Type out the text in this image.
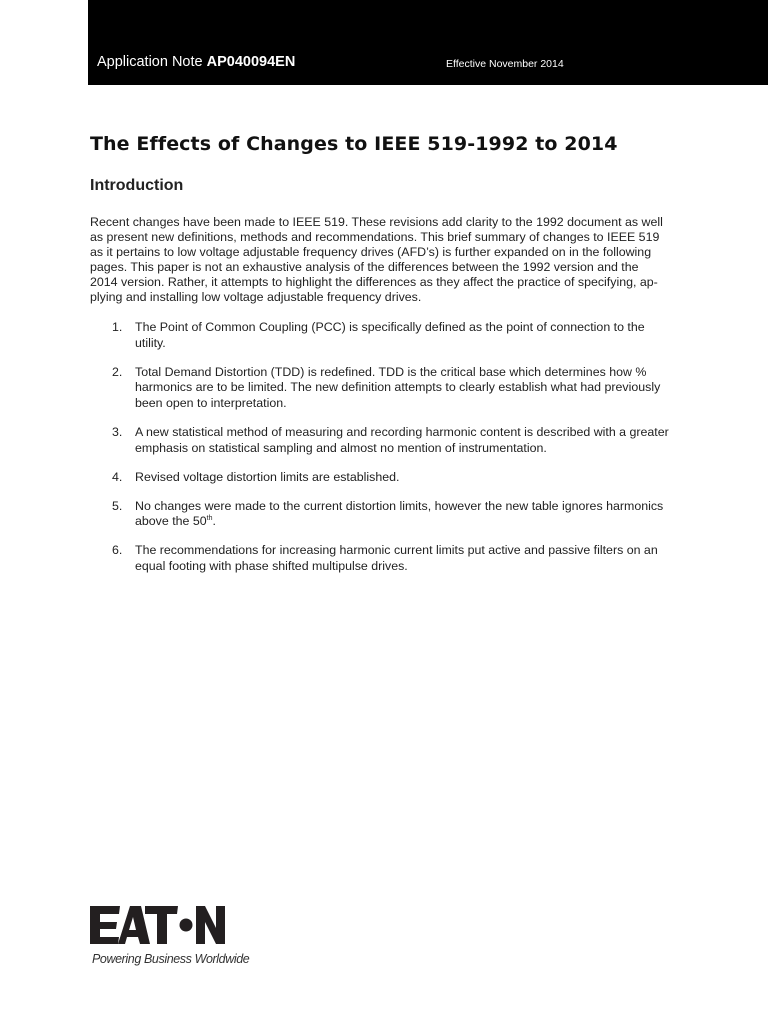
Application Note AP040094EN	Effective November 2014
The Effects of Changes to IEEE 519-1992 to 2014
Introduction

Recent changes have been made to IEEE 519. These revisions add clarity to the 1992 document as well
as present new definitions, methods and recommendations. This brief summary of changes to IEEE 519
as it pertains to low voltage adjustable frequency drives (AFD’s) is further expanded on in the following
pages. This paper is not an exhaustive analysis of the differences between the 1992 version and the
2014 version. Rather, it attempts to highlight the differences as they affect the practice of specifying, ap-
plying and installing low voltage adjustable frequency drives.

1. The Point of Common Coupling (PCC) is specifically defined as the point of connection to the
utility.
2. Total Demand Distortion (TDD) is redefined. TDD is the critical base which determines how %
harmonics are to be limited. The new definition attempts to clearly establish what had previously
been open to interpretation.
3. A new statistical method of measuring and recording harmonic content is described with a greater
emphasis on statistical sampling and almost no mention of instrumentation.
4. Revised voltage distortion limits are established.
5. No changes were made to the current distortion limits, however the new table ignores harmonics
above the 50th.
6. The recommendations for increasing harmonic current limits put active and passive filters on an
equal footing with phase shifted multipulse drives.
Powering Business Worldwide
